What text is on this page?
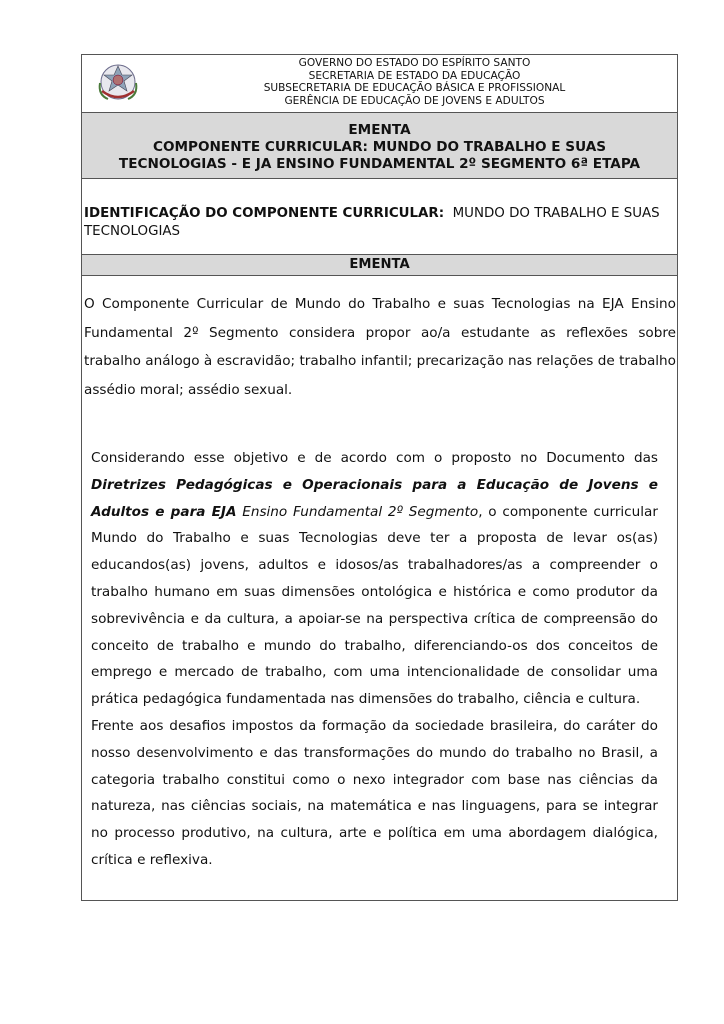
GOVERNO DO ESTADO DO ESPÍRITO SANTO
SECRETARIA DE ESTADO DA EDUCAÇÃO
SUBSECRETARIA DE EDUCAÇÃO BÁSICA E PROFISSIONAL
GERÊNCIA DE EDUCAÇÃO DE JOVENS E ADULTOS
EMENTA
COMPONENTE CURRICULAR: MUNDO DO TRABALHO E SUAS
TECNOLOGIAS - E JA ENSINO FUNDAMENTAL 2º SEGMENTO 6ª ETAPA
IDENTIFICAÇÃO DO COMPONENTE CURRICULAR: MUNDO DO TRABALHO E SUAS TECNOLOGIAS
EMENTA
O Componente Curricular de Mundo do Trabalho e suas Tecnologias na EJA Ensino Fundamental 2º Segmento considera propor ao/a estudante as reflexões sobre trabalho análogo à escravidão; trabalho infantil; precarização nas relações de trabalho assédio moral; assédio sexual.
Considerando esse objetivo e de acordo com o proposto no Documento das Diretrizes Pedagógicas e Operacionais para a Educação de Jovens e Adultos e para EJA Ensino Fundamental 2º Segmento, o componente curricular Mundo do Trabalho e suas Tecnologias deve ter a proposta de levar os(as) educandos(as) jovens, adultos e idosos/as trabalhadores/as a compreender o trabalho humano em suas dimensões ontológica e histórica e como produtor da sobrevivência e da cultura, a apoiar-se na perspectiva crítica de compreensão do conceito de trabalho e mundo do trabalho, diferenciando-os dos conceitos de emprego e mercado de trabalho, com uma intencionalidade de consolidar uma prática pedagógica fundamentada nas dimensões do trabalho, ciência e cultura.
Frente aos desafios impostos da formação da sociedade brasileira, do caráter do nosso desenvolvimento e das transformações do mundo do trabalho no Brasil, a categoria trabalho constitui como o nexo integrador com base nas ciências da natureza, nas ciências sociais, na matemática e nas linguagens, para se integrar no processo produtivo, na cultura, arte e política em uma abordagem dialógica, crítica e reflexiva.
